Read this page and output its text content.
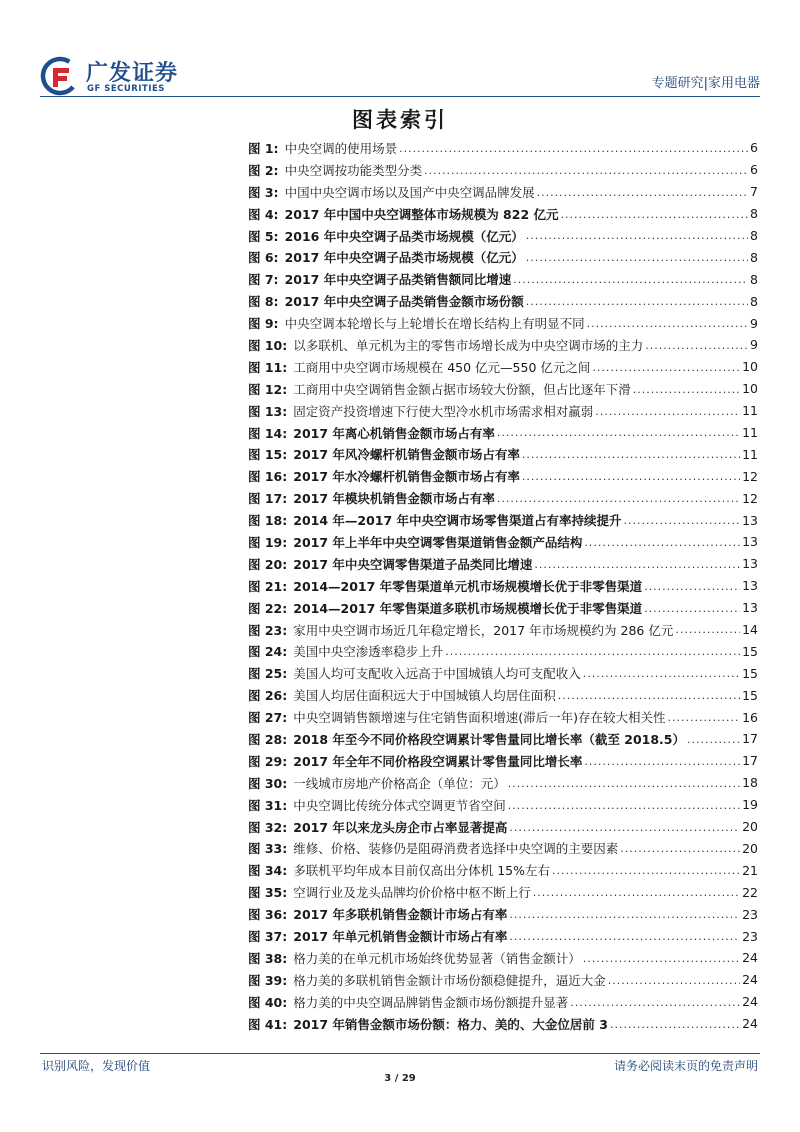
广发证券
GF SECURITIES	专题研究|家用电器
图表索引
图 1: 中央空调的使用场景 .....	6
图 2: 中央空调按功能类型分类 .....	6
图 3: 中国中央空调市场以及国产中央空调品牌发展 .....	7
图 4: 2017 年中国中央空调整体市场规模为 822 亿元 .....	8
图 5: 2016 年中央空调子品类市场规模（亿元） .....	8
图 6: 2017 年中央空调子品类市场规模（亿元） .....	8
图 7: 2017 年中央空调子品类销售额同比增速 .....	8
图 8: 2017 年中央空调子品类销售金额市场份额 .....	8
图 9: 中央空调本轮增长与上轮增长在增长结构上有明显不同 .....	9
图 10: 以多联机、单元机为主的零售市场增长成为中央空调市场的主力 .....	9
图 11: 工商用中央空调市场规模在 450 亿元—550 亿元之间 .....	10
图 12: 工商用中央空调销售金额占据市场较大份额，但占比逐年下滑 .....	10
图 13: 固定资产投资增速下行使大型冷水机市场需求相对羸弱 .....	11
图 14: 2017 年离心机销售金额市场占有率 .....	11
图 15: 2017 年风冷螺杆机销售金额市场占有率 .....	11
图 16: 2017 年水冷螺杆机销售金额市场占有率 .....	12
图 17: 2017 年模块机销售金额市场占有率 .....	12
图 18: 2014 年—2017 年中央空调市场零售渠道占有率持续提升 .....	13
图 19: 2017 年上半年中央空调零售渠道销售金额产品结构 .....	13
图 20: 2017 年中央空调零售渠道子品类同比增速 .....	13
图 21: 2014—2017 年零售渠道单元机市场规模增长优于非零售渠道 .....	13
图 22: 2014—2017 年零售渠道多联机市场规模增长优于非零售渠道 .....	13
图 23: 家用中央空调市场近几年稳定增长，2017 年市场规模约为 286 亿元 .....	14
图 24: 美国中央空渗透率稳步上升 .....	15
图 25: 美国人均可支配收入远高于中国城镇人均可支配收入 .....	15
图 26: 美国人均居住面积远大于中国城镇人均居住面积 .....	15
图 27: 中央空调销售额增速与住宅销售面积增速(滞后一年)存在较大相关性 .....	16
图 28: 2018 年至今不同价格段空调累计零售量同比增长率（截至 2018.5） .....	17
图 29: 2017 年全年不同价格段空调累计零售量同比增长率 .....	17
图 30: 一线城市房地产价格高企（单位：元） .....	18
图 31: 中央空调比传统分体式空调更节省空间 .....	19
图 32: 2017 年以来龙头房企市占率显著提高 .....	20
图 33: 维修、价格、装修仍是阻碍消费者选择中央空调的主要因素 .....	20
图 34: 多联机平均年成本目前仅高出分体机 15%左右 .....	21
图 35: 空调行业及龙头品牌均价价格中枢不断上行 .....	22
图 36: 2017 年多联机销售金额计市场占有率 .....	23
图 37: 2017 年单元机销售金额计市场占有率 .....	23
图 38: 格力美的在单元机市场始终优势显著（销售金额计） .....	24
图 39: 格力美的多联机销售金额计市场份额稳健提升，逼近大金 .....	24
图 40: 格力美的中央空调品牌销售金额市场份额提升显著 .....	24
图 41: 2017 年销售金额市场份额：格力、美的、大金位居前 3 .....	24
识别风险，发现价值	请务必阅读末页的免责声明
3 / 29
